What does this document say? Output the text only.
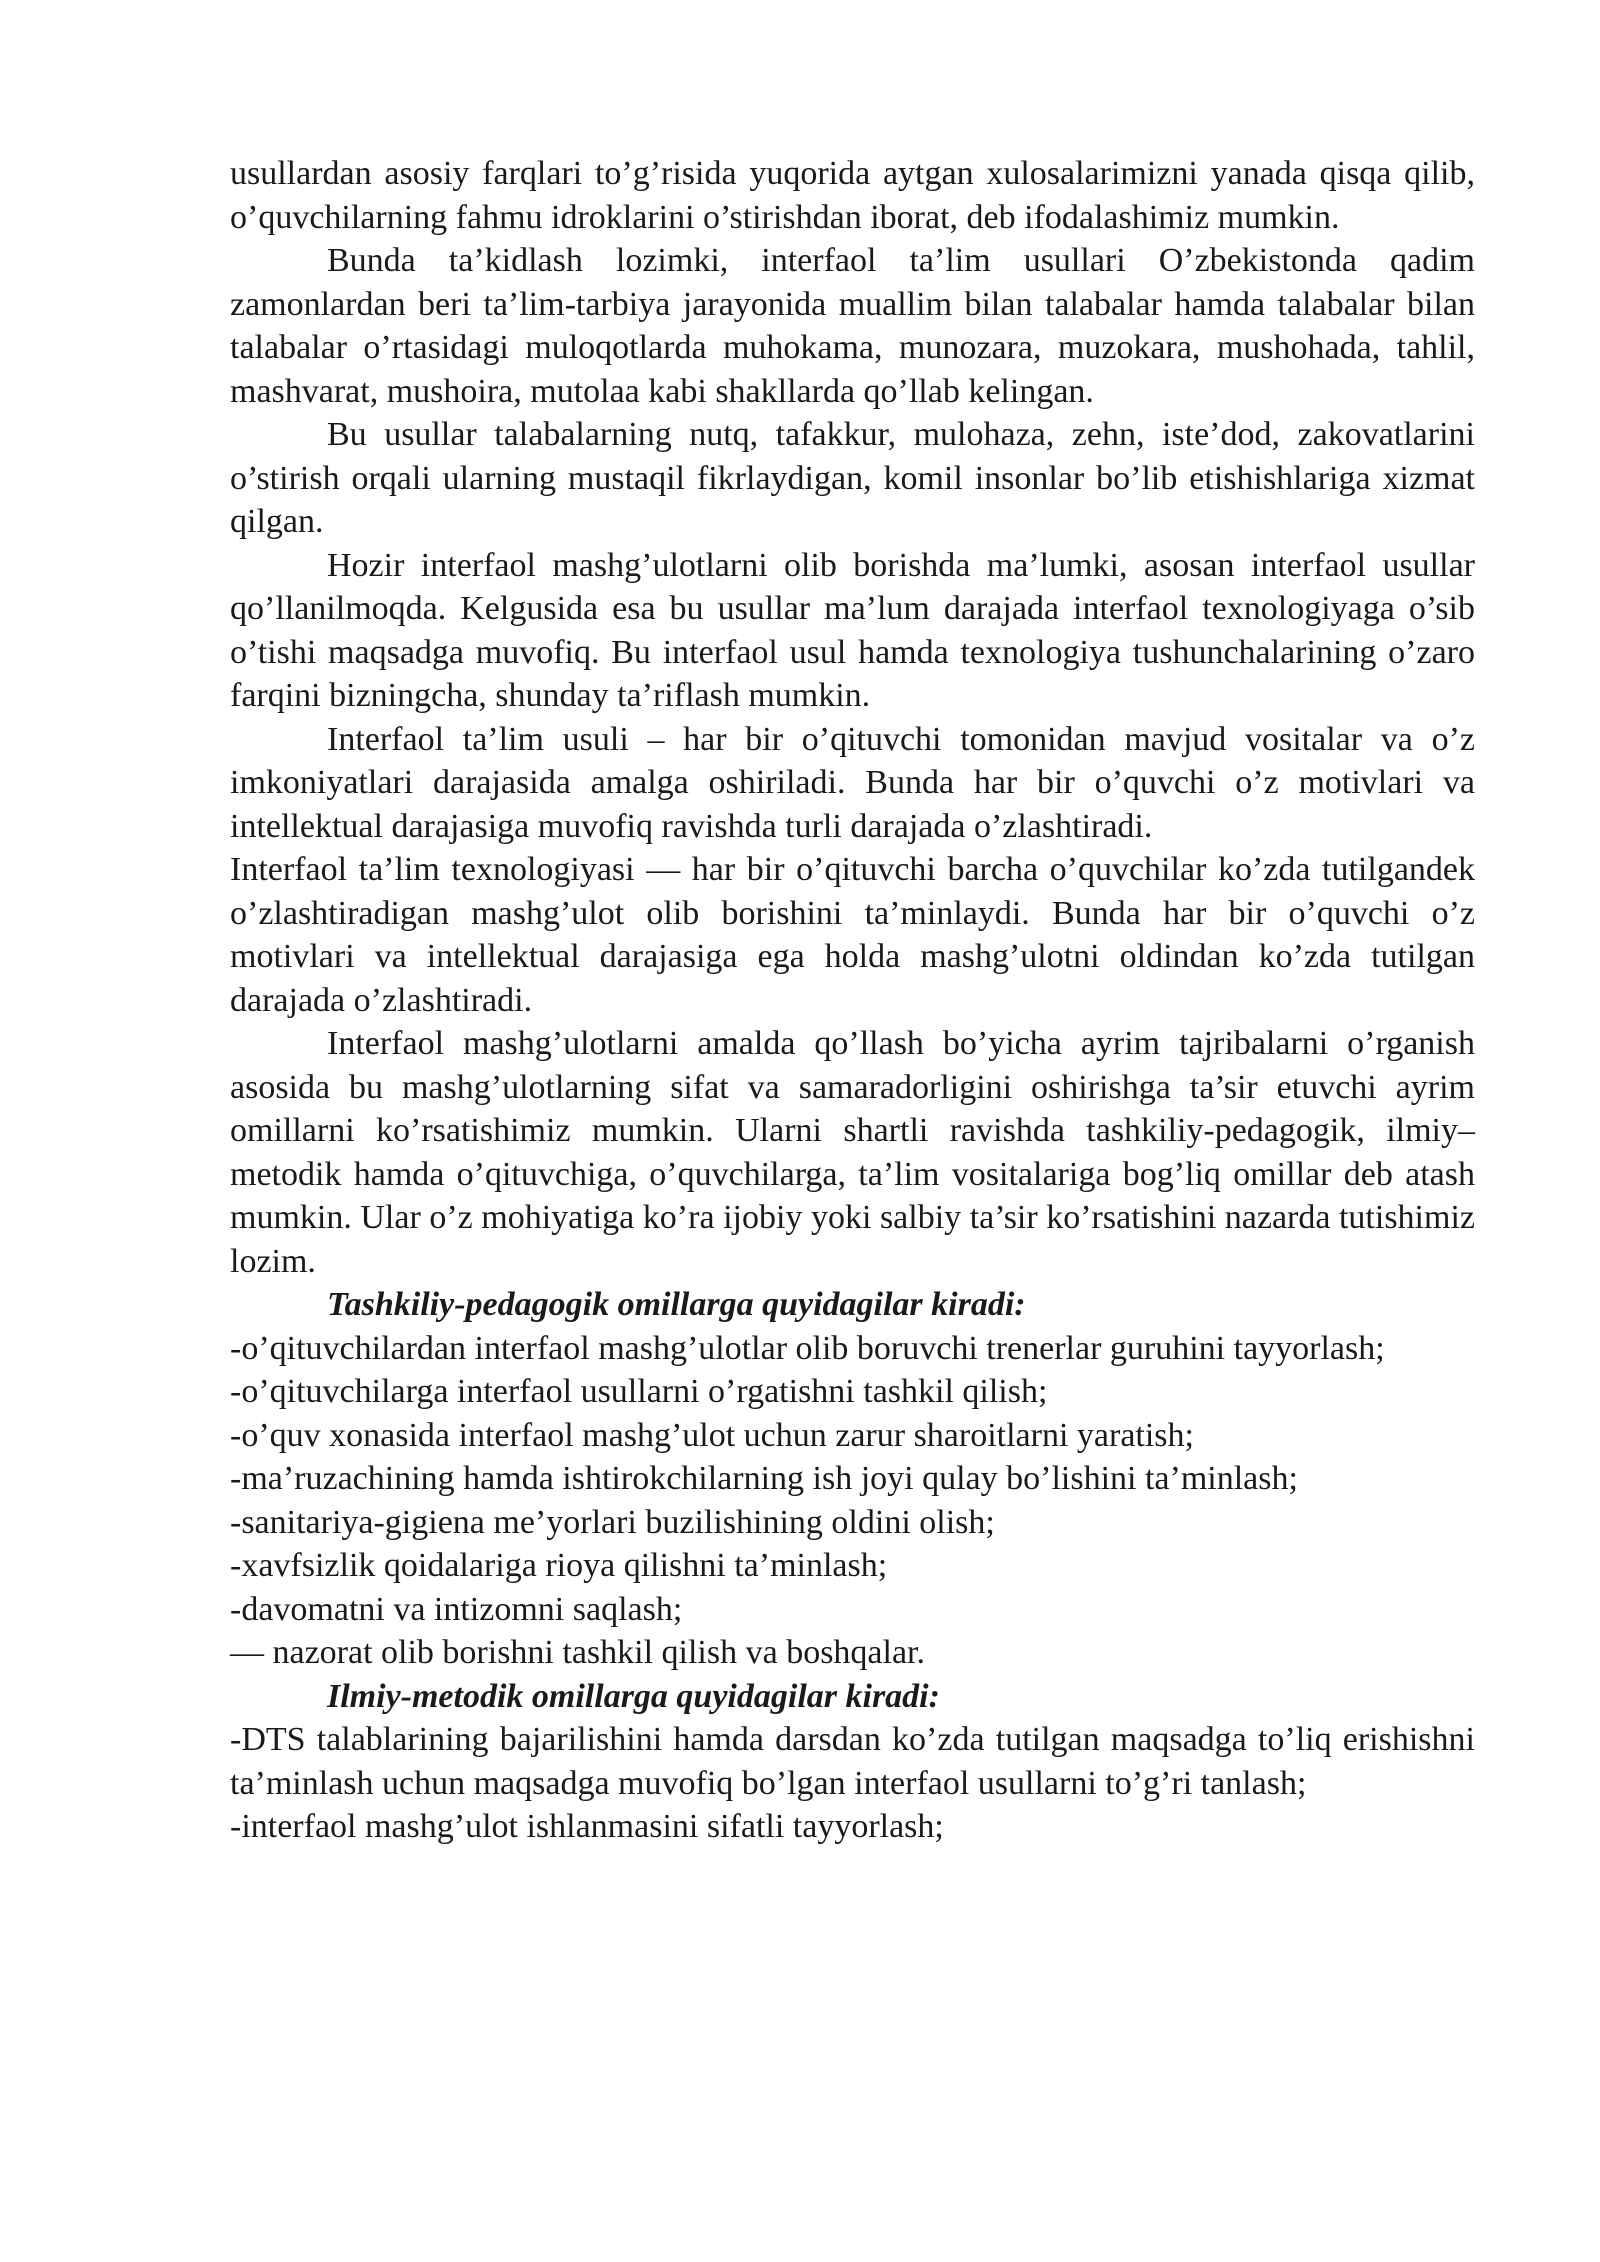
usullardan asosiy farqlari to’g’risida yuqorida aytgan xulosalarimizni yanada qisqa qilib, o’quvchilarning fahmu idroklarini o’stirishdan iborat, deb ifodalashimiz mumkin.

Bunda ta’kidlash lozimki, interfaol ta’lim usullari O’zbekistonda qadim zamonlardan beri ta’lim-tarbiya jarayonida muallim bilan talabalar hamda talabalar bilan talabalar o’rtasidagi muloqotlarda muhokama, munozara, muzokara, mushohada, tahlil, mashvarat, mushoira, mutolaa kabi shakllarda qo’llab kelingan.

Bu usullar talabalarning nutq, tafakkur, mulohaza, zehn, iste’dod, zakovatlarini o’stirish orqali ularning mustaqil fikrlaydigan, komil insonlar bo’lib etishishlariga xizmat qilgan.

Hozir interfaol mashg’ulotlarni olib borishda ma’lumki, asosan interfaol usullar qo’llanilmoqda. Kelgusida esa bu usullar ma’lum darajada interfaol texnologiyaga o’sib o’tishi maqsadga muvofiq. Bu interfaol usul hamda texnologiya tushunchalarining o’zaro farqini bizningcha, shunday ta’riflash mumkin.

Interfaol ta’lim usuli – har bir o’qituvchi tomonidan mavjud vositalar va o’z imkoniyatlari darajasida amalga oshiriladi. Bunda har bir o’quvchi o’z motivlari va intellektual darajasiga muvofiq ravishda turli darajada o’zlashtiradi.

Interfaol ta’lim texnologiyasi — har bir o’qituvchi barcha o’quvchilar ko’zda tutilgandek o’zlashtiradigan mashg’ulot olib borishini ta’minlaydi. Bunda har bir o’quvchi o’z motivlari va intellektual darajasiga ega holda mashg’ulotni oldindan ko’zda tutilgan darajada o’zlashtiradi.

Interfaol mashg’ulotlarni amalda qo’llash bo’yicha ayrim tajribalarni o’rganish asosida bu mashg’ulotlarning sifat va samaradorligini oshirishga ta’sir etuvchi ayrim omillarni ko’rsatishimiz mumkin. Ularni shartli ravishda tashkiliy-pedagogik, ilmiy–metodik hamda o’qituvchiga, o’quvchilarga, ta’lim vositalariga bog’liq omillar deb atash mumkin. Ular o’z mohiyatiga ko’ra ijobiy yoki salbiy ta’sir ko’rsatishini nazarda tutishimiz lozim.

Tashkiliy-pedagogik omillarga quyidagilar kiradi:

-o’qituvchilardan interfaol mashg’ulotlar olib boruvchi trenerlar guruhini tayyorlash;

-o’qituvchilarga interfaol usullarni o’rgatishni tashkil qilish;

-o’quv xonasida interfaol mashg’ulot uchun zarur sharoitlarni yaratish;

-ma’ruzachining hamda ishtirokchilarning ish joyi qulay bo’lishini ta’minlash;

-sanitariya-gigiena me’yorlari buzilishining oldini olish;

-xavfsizlik qoidalariga rioya qilishni ta’minlash;

-davomatni va intizomni saqlash;

— nazorat olib borishni tashkil qilish va boshqalar.

Ilmiy-metodik omillarga quyidagilar kiradi:

-DTS talablarining bajarilishini hamda darsdan ko’zda tutilgan maqsadga to’liq erishishni ta’minlash uchun maqsadga muvofiq bo’lgan interfaol usullarni to’g’ri tanlash;

-interfaol mashg’ulot ishlanmasini sifatli tayyorlash;
